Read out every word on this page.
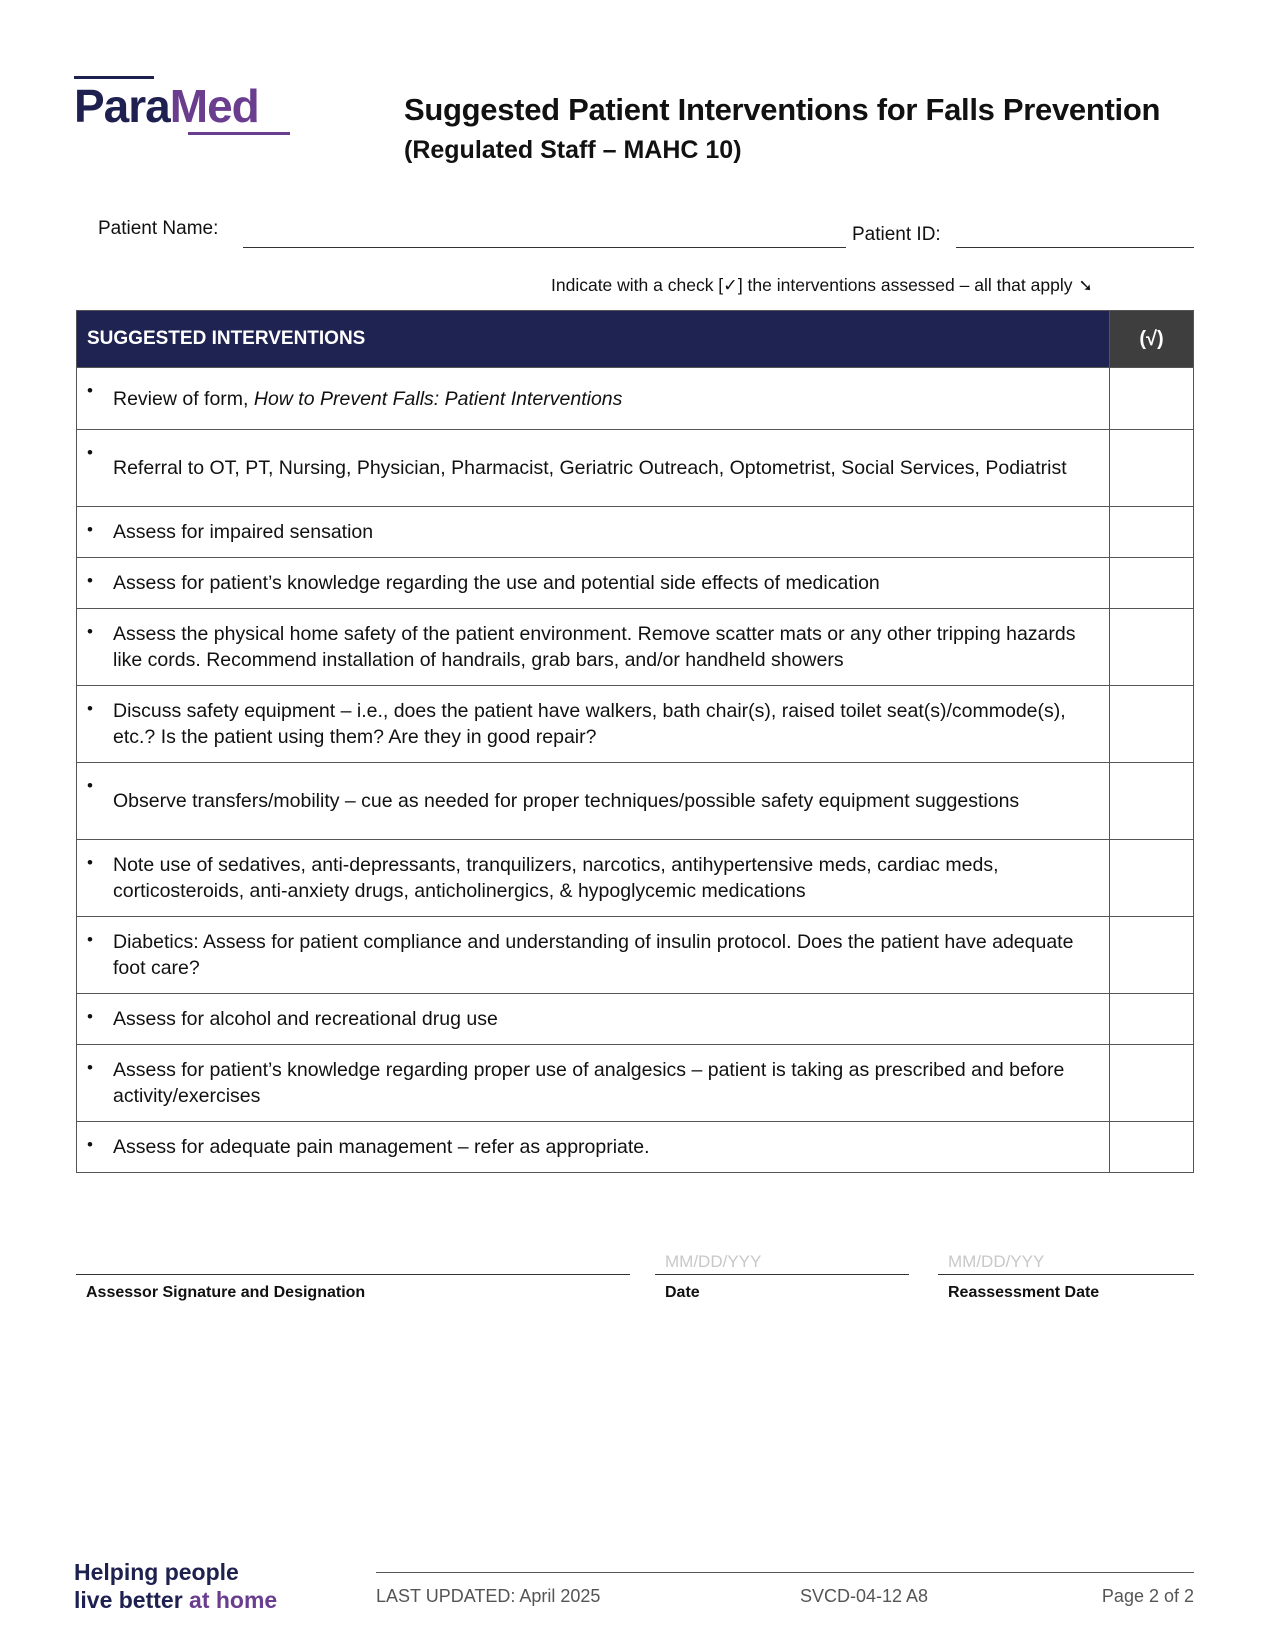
ParaMed	Suggested Patient Interventions for Falls Prevention
(Regulated Staff – MAHC 10)
Patient Name:	Patient ID:
Indicate with a check [✓] the interventions assessed – all that apply ➘
SUGGESTED INTERVENTIONS	(√)

• Review of form, How to Prevent Falls: Patient Interventions	

•
Referral to OT, PT, Nursing, Physician, Pharmacist, Geriatric Outreach, Optometrist, Social Services, Podiatrist	

• Assess for impaired sensation	

• Assess for patient’s knowledge regarding the use and potential side effects of medication	

• Assess the physical home safety of the patient environment. Remove scatter mats or any other tripping hazards like cords. Recommend installation of handrails, grab bars, and/or handheld showers	

• Discuss safety equipment – i.e., does the patient have walkers, bath chair(s), raised toilet seat(s)/commode(s), etc.? Is the patient using them? Are they in good repair?	

•
Observe transfers/mobility – cue as needed for proper techniques/possible safety equipment suggestions	

• Note use of sedatives, anti-depressants, tranquilizers, narcotics, antihypertensive meds, cardiac meds, corticosteroids, anti-anxiety drugs, anticholinergics, & hypoglycemic medications	

• Diabetics: Assess for patient compliance and understanding of insulin protocol. Does the patient have adequate foot care?	

• Assess for alcohol and recreational drug use	

• Assess for patient’s knowledge regarding proper use of analgesics – patient is taking as prescribed and before activity/exercises	

• Assess for adequate pain management – refer as appropriate.	
Assessor Signature and Designation
MM/DD/YYY
Date
MM/DD/YYY
Reassessment Date
Helping people
live better at home	LAST UPDATED: April 2025	SVCD-04-12 A8	Page 2 of 2
